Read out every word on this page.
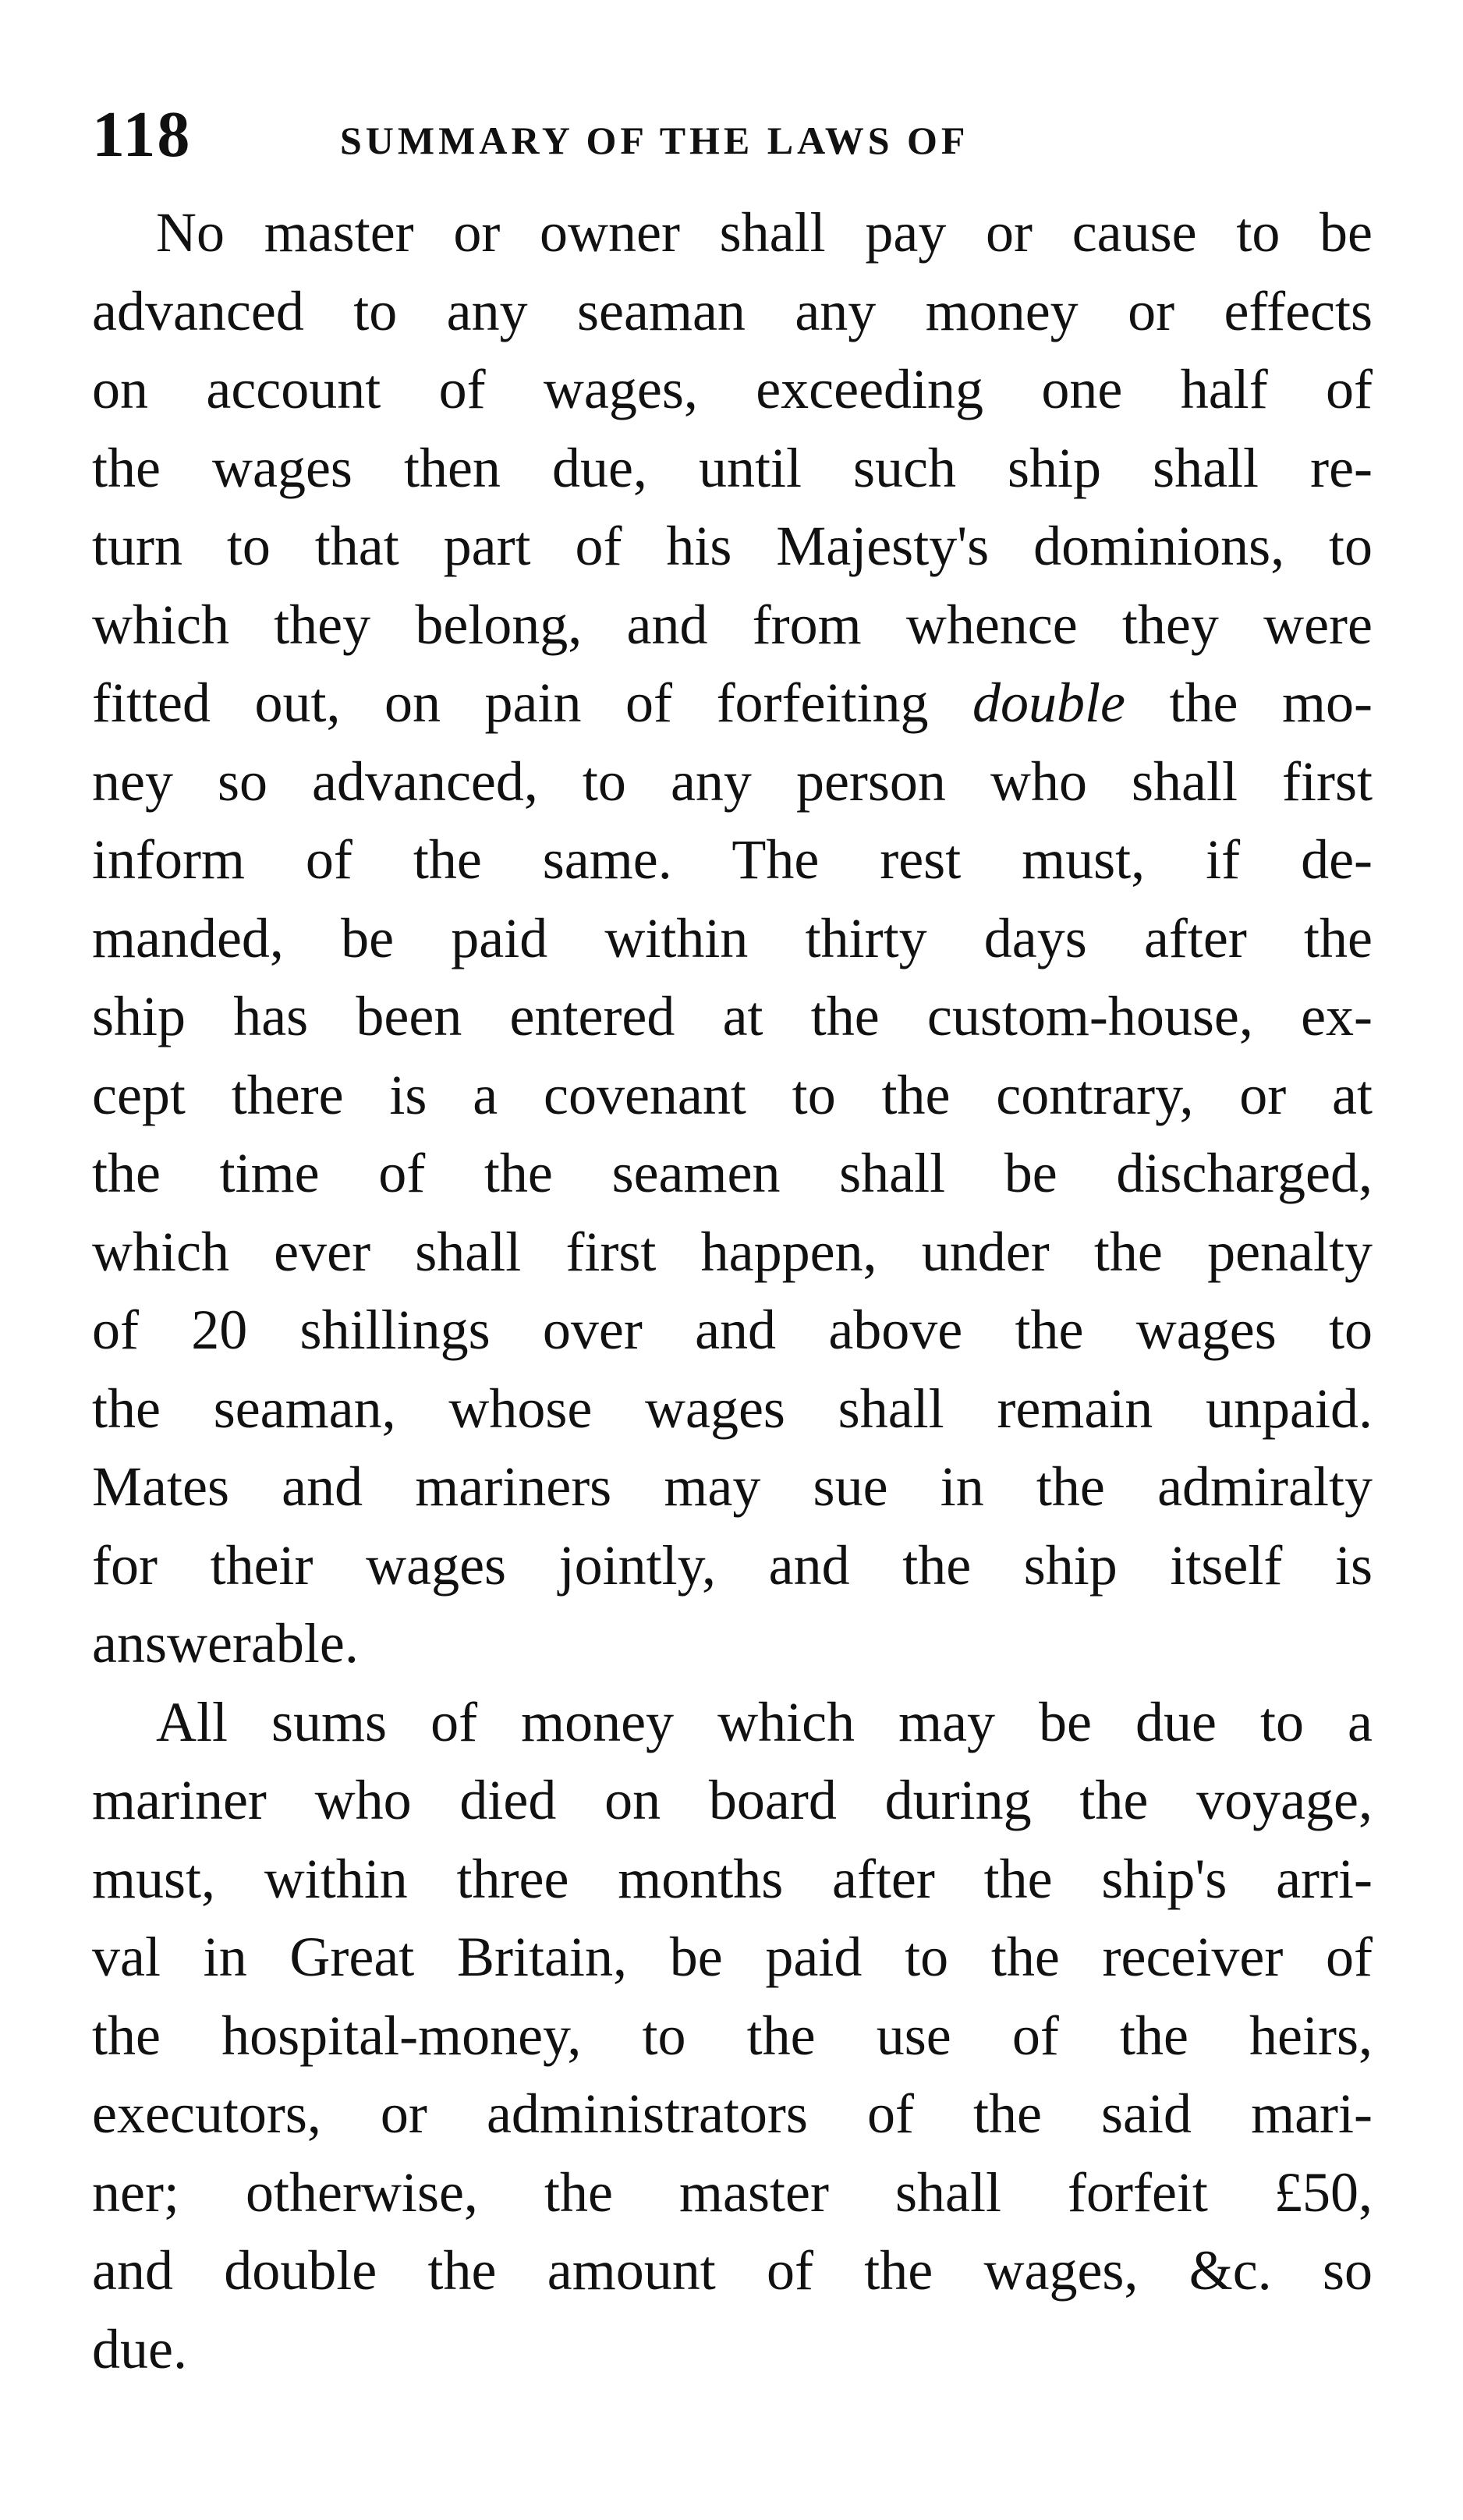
118	SUMMARY OF THE LAWS OF

No master or owner shall pay or cause to be
advanced to any seaman any money or effects
on account of wages, exceeding one half of
the wages then due, until such ship shall re-
turn to that part of his Majesty's dominions, to
which they belong, and from whence they were
fitted out, on pain of forfeiting double the mo-
ney so advanced, to any person who shall first
inform of the same. The rest must, if de-
manded, be paid within thirty days after the
ship has been entered at the custom-house, ex-
cept there is a covenant to the contrary, or at
the time of the seamen shall be discharged,
which ever shall first happen, under the penalty
of 20 shillings over and above the wages to
the seaman, whose wages shall remain unpaid.
Mates and mariners may sue in the admiralty
for their wages jointly, and the ship itself is
answerable.

All sums of money which may be due to a
mariner who died on board during the voyage,
must, within three months after the ship's arri-
val in Great Britain, be paid to the receiver of
the hospital-money, to the use of the heirs,
executors, or administrators of the said mari-
ner; otherwise, the master shall forfeit £50,
and double the amount of the wages, &c. so
due.
